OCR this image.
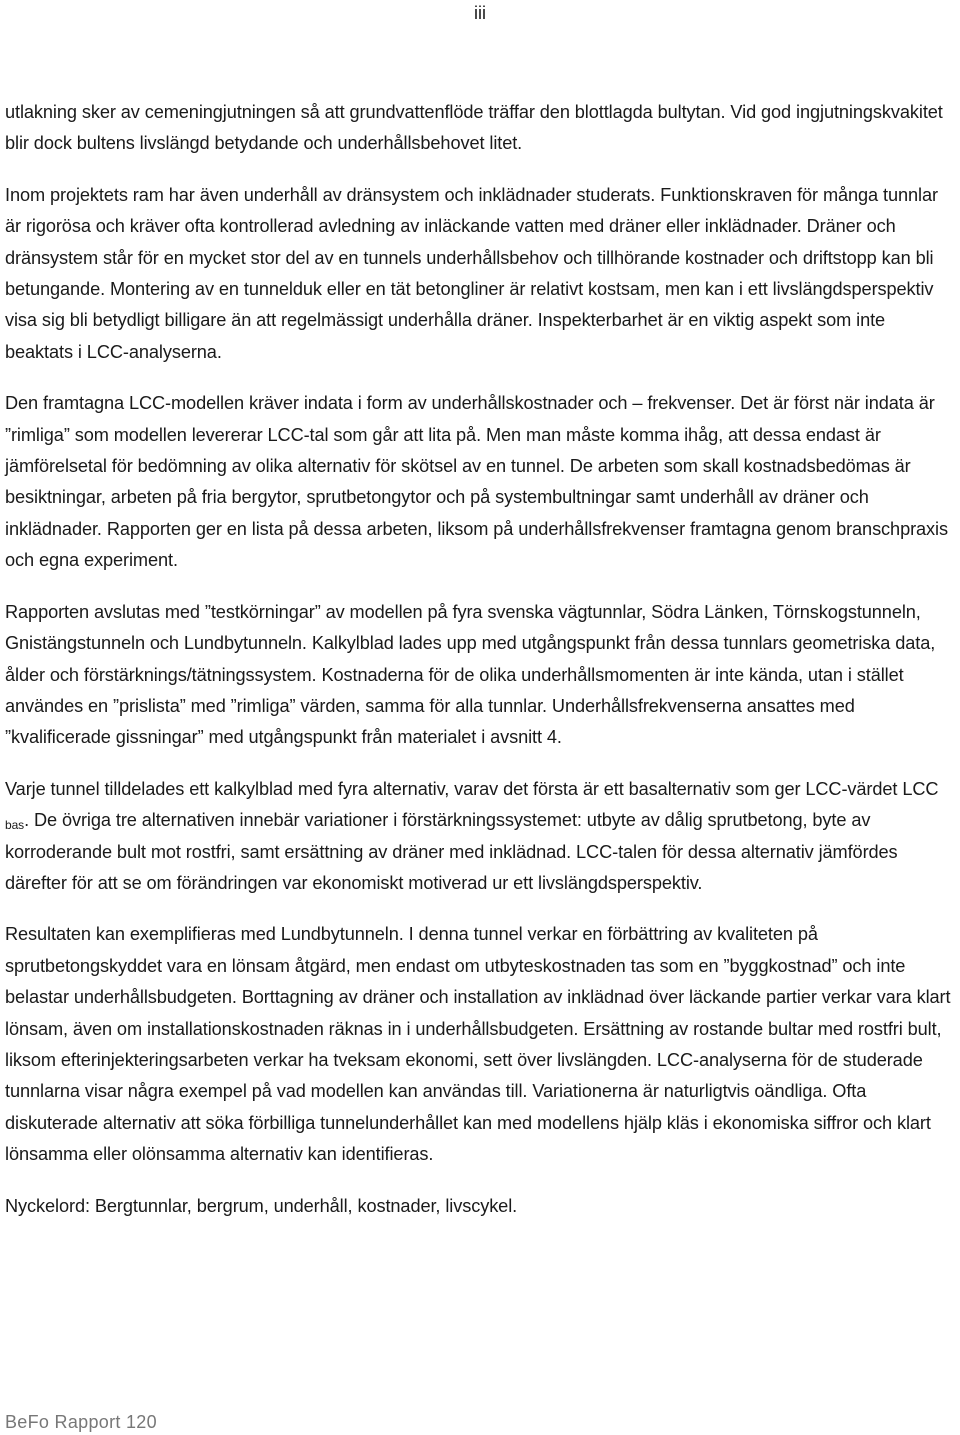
iii

utlakning sker av cemeningjutningen så att grundvattenflöde träffar den blottlagda bultytan. Vid god ingjutningskvakitet blir dock bultens livslängd betydande och underhållsbehovet litet.

Inom projektets ram har även underhåll av dränsystem och inklädnader studerats. Funktionskraven för många tunnlar är rigorösa och kräver ofta kontrollerad avledning av inläckande vatten med dräner eller inklädnader. Dräner och dränsystem står för en mycket stor del av en tunnels underhållsbehov och tillhörande kostnader och driftstopp kan bli betungande. Montering av en tunnelduk eller en tät betongliner är relativt kostsam, men kan i ett livslängdsperspektiv visa sig bli betydligt billigare än att regelmässigt underhålla dräner. Inspekterbarhet är en viktig aspekt som inte beaktats i LCC-analyserna.

Den framtagna LCC-modellen kräver indata i form av underhållskostnader och – frekvenser. Det är först när indata är ”rimliga” som modellen levererar LCC-tal som går att lita på. Men man måste komma ihåg, att dessa endast är jämförelsetal för bedömning av olika alternativ för skötsel av en tunnel. De arbeten som skall kostnadsbedömas är besiktningar, arbeten på fria bergytor, sprutbetongytor och på systembultningar samt underhåll av dräner och inklädnader. Rapporten ger en lista på dessa arbeten, liksom på underhållsfrekvenser framtagna genom branschpraxis och egna experiment.

Rapporten avslutas med ”testkörningar” av modellen på fyra svenska vägtunnlar, Södra Länken, Törnskogstunneln, Gnistängstunneln och Lundbytunneln. Kalkylblad lades upp med utgångspunkt från dessa tunnlars geometriska data, ålder och förstärknings/tätningssystem. Kostnaderna för de olika underhållsmomenten är inte kända, utan i stället användes en ”prislista” med ”rimliga” värden, samma för alla tunnlar. Underhållsfrekvenserna ansattes med ”kvalificerade gissningar” med utgångspunkt från materialet i avsnitt 4.

Varje tunnel tilldelades ett kalkylblad med fyra alternativ, varav det första är ett basalternativ som ger LCC-värdet LCC $_{bas}$. De övriga tre alternativen innebär variationer i förstärkningssystemet: utbyte av dålig sprutbetong, byte av korroderande bult mot rostfri, samt ersättning av dräner med inklädnad. LCC-talen för dessa alternativ jämfördes därefter för att se om förändringen var ekonomiskt motiverad ur ett livslängdsperspektiv.

Resultaten kan exemplifieras med Lundbytunneln. I denna tunnel verkar en förbättring av kvaliteten på sprutbetongskyddet vara en lönsam åtgärd, men endast om utbyteskostnaden tas som en ”byggkostnad” och inte belastar underhållsbudgeten. Borttagning av dräner och installation av inklädnad över läckande partier verkar vara klart lönsam, även om installationskostnaden räknas in i underhållsbudgeten. Ersättning av rostande bultar med rostfri bult, liksom efterinjekteringsarbeten verkar ha tveksam ekonomi, sett över livslängden. LCC-analyserna för de studerade tunnlarna visar några exempel på vad modellen kan användas till. Variationerna är naturligtvis oändliga. Ofta diskuterade alternativ att söka förbilliga tunnelunderhållet kan med modellens hjälp kläs i ekonomiska siffror och klart lönsamma eller olönsamma alternativ kan identifieras.

Nyckelord: Bergtunnlar, bergrum, underhåll, kostnader, livscykel.

BeFo Rapport 120
